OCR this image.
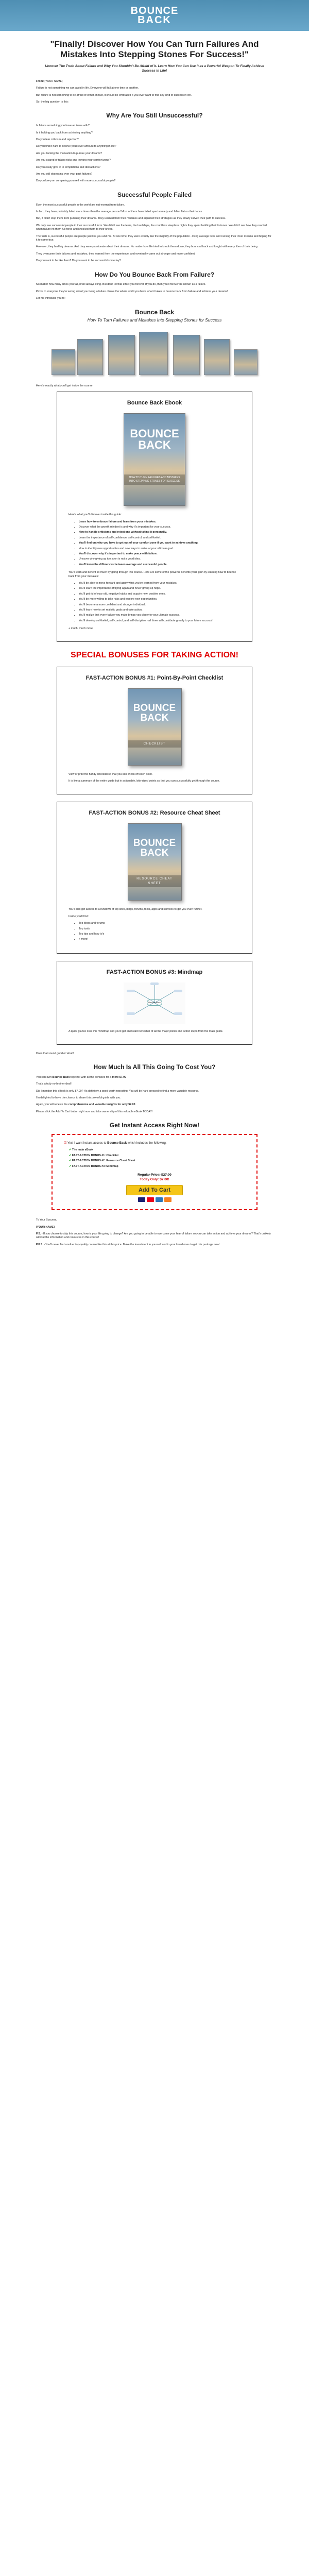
BOUNCE
BACK
"Finally! Discover How You Can Turn Failures And Mistakes Into Stepping Stones For Success!"
Uncover The Truth About Failure and Why You Shouldn't Be Afraid of It. Learn How You Can Use it as a Powerful Weapon To Finally Achieve Success in Life!

From: [YOUR NAME]

Failure is not something we can avoid in life. Everyone will fail at one time or another.

But failure is not something to be afraid of either. In fact, it should be embraced if you ever want to find any kind of success in life.

So, the big question is this:

Why Are You Still Unsuccessful?

Is failure something you have an issue with?

Is it holding you back from achieving anything?

Do you fear criticism and rejection?

Do you find it hard to believe you'll ever amount to anything in life?

Are you lacking the motivation to pursue your dreams?

Are you scared of taking risks and leaving your comfort zone?

Do you easily give in to temptations and distractions?

Are you still obsessing over your past failures?

Do you keep on comparing yourself with more successful people?

Successful People Failed

Even the most successful people in the world are not exempt from failure.

In fact, they have probably failed more times than the average person! Most of them have failed spectacularly and fallen flat on their faces.

But, it didn't stop them from pursuing their dreams. They learned from their mistakes and adjusted their strategies as they slowly carved their path to success.

We only see successful people in their successful form. We didn't see the tears, the hardships, the countless sleepless nights they spent building their fortunes. We didn't see how they reacted when failure hit them full force and knocked them to their knees.

The truth is, successful people are people just like you and me. At one time, they were exactly like the majority of the population - living average lives and nursing their inner dreams and hoping for it to come true.

However, they had big dreams. And they were passionate about their dreams. No matter how life tried to knock them down, they bounced back and fought with every fiber of their being.

They overcame their failures and mistakes, they learned from the experience, and eventually came out stronger and more confident.

Do you want to be like them? Do you want to be successful someday?

How Do You Bounce Back From Failure?

No matter how many times you fail, it will always sting. But don't let that affect you forever. If you do, then you'll forever be known as a failure.

Prove to everyone they're wrong about you being a failure. Prove the whole world you have what it takes to bounce back from failure and achieve your dreams!

Let me introduce you to:

Bounce Back
How To Turn Failures and Mistakes Into Stepping Stones for Success

Here's exactly what you'll get inside the course:

Bounce Back Ebook
BOUNCE
BACK
HOW TO TURN FAILURES AND MISTAKES INTO STEPPING STONES FOR SUCCESS

Here's what you'll discover inside this guide:

• Learn how to embrace failure and learn from your mistakes.
• Discover what the growth mindset is and why it's important for your success.
• How to handle criticisms and rejections without taking it personally.
• Learn the importance of self-confidence, self-control, and self-belief.
• You'll find out why you have to get out of your comfort zone if you want to achieve anything.
• How to identify new opportunities and new ways to arrive at your ultimate goal.
• You'll discover why it's important to make peace with failure.
• Uncover why giving up too soon is not a good idea.
• You'll know the differences between average and successful people.

You'll learn and benefit so much by going through this course. Here are some of the powerful benefits you'll gain by learning how to bounce back from your mistakes:

• You'll be able to move forward and apply what you've learned from your mistakes.
• You'll learn the importance of trying again and never giving up hope.
• You'll get rid of your old, negative habits and acquire new, positive ones.
• You'll be more willing to take risks and explore new opportunities.
• You'll become a more confident and stronger individual.
• You'll learn how to set realistic goals and take action.
• You'll realize that every failure you make brings you closer to your ultimate success.
• You'll develop self-belief, self-control, and self-discipline - all three will contribute greatly to your future success!

+ much, much more!

SPECIAL BONUSES FOR TAKING ACTION!
FAST-ACTION BONUS #1: Point-By-Point Checklist
BOUNCE
BACK
CHECKLIST

View or print the handy checklist so that you can check off each point.

It is like a summary of the entire guide but in actionable, bite-sized points so that you can successfully get through the course.

FAST-ACTION BONUS #2: Resource Cheat Sheet
BOUNCE
BACK
RESOURCE CHEAT SHEET

You'll also get access to a rundown of top sites, blogs, forums, tools, apps and services to get you even further.

Inside you'll find:

• Top blogs and forums
• Top tools
• Top tips and how to's
• + more!
FAST-ACTION BONUS #3: Mindmap
Bounce Back

A quick glance over this mindmap and you'll get an instant refresher of all the major points and action steps from the main guide.

Does that sound good or what?

How Much Is All This Going To Cost You?

You can own Bounce Back together with all the bonuses for a mere $7.00

That's a truly no-brainer deal!

Did I mention this eBook is only $7.00? It's definitely a good worth repeating. You will be hard pressed to find a more valuable resource.

I'm delighted to have the chance to share this powerful guide with you.

Again, you will receive the comprehensive and valuable insights for only $7.00

Please click the Add To Cart button right now and take ownership of this valuable eBook TODAY!

Get Instant Access Right Now!
☑ Yes! I want instant access to Bounce Back which includes the following:
✔ The main eBook
✔ FAST-ACTION BONUS #1: Checklist
✔ FAST-ACTION BONUS #2: Resource Cheat Sheet
✔ FAST-ACTION BONUS #3: Mindmap
Regular Price: $27.00
Today Only: $7.00!
Add To Cart

To Your Success,

[YOUR NAME]

P.S. - If you choose to skip this course, how is your life going to change? Are you going to be able to overcome your fear of failure so you can take action and achieve your dreams? That's unlikely without the information and resources in this course!

P.P.S. - You'll never find another top-quality course like this at this price. Make the investment in yourself and in your loved ones to get this package now!
